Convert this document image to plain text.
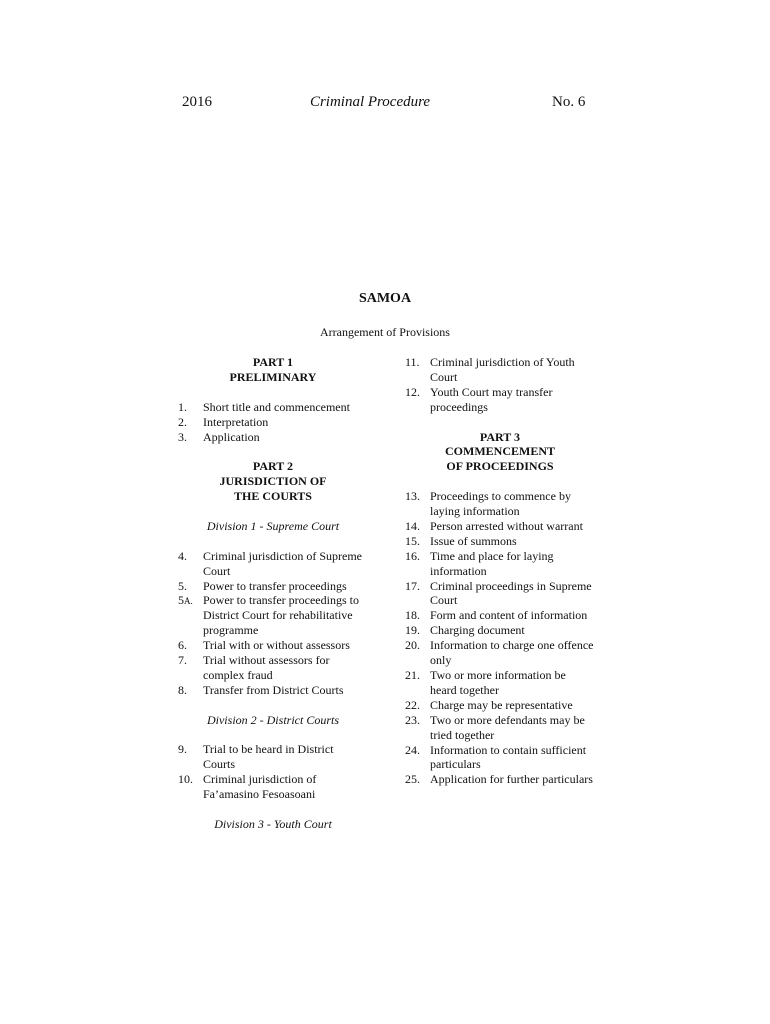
2016	Criminal Procedure	No. 6
SAMOA
Arrangement of Provisions

PART 1

PRELIMINARY

1.	Short title and commencement
2.	Interpretation
3.	Application

PART 2

JURISDICTION OF

THE COURTS

Division 1 - Supreme Court

4.	Criminal jurisdiction of Supreme Court
5.	Power to transfer proceedings
5A. Power to transfer proceedings to District Court for rehabilitative programme
6.	Trial with or without assessors
7.	Trial without assessors for complex fraud
8.	Transfer from District Courts

Division 2 - District Courts

9.	Trial to be heard in District Courts
10. Criminal jurisdiction of Fa’amasino Fesoasoani

Division 3 - Youth Court

11. Criminal jurisdiction of Youth Court
12. Youth Court may transfer proceedings

PART 3

COMMENCEMENT

OF PROCEEDINGS

13. Proceedings to commence by laying information
14. Person arrested without warrant
15. Issue of summons
16. Time and place for laying information
17. Criminal proceedings in Supreme Court
18. Form and content of information
19. Charging document
20. Information to charge one offence only
21. Two or more information be heard together
22. Charge may be representative
23. Two or more defendants may be tried together
24. Information to contain sufficient particulars
25. Application for further particulars
